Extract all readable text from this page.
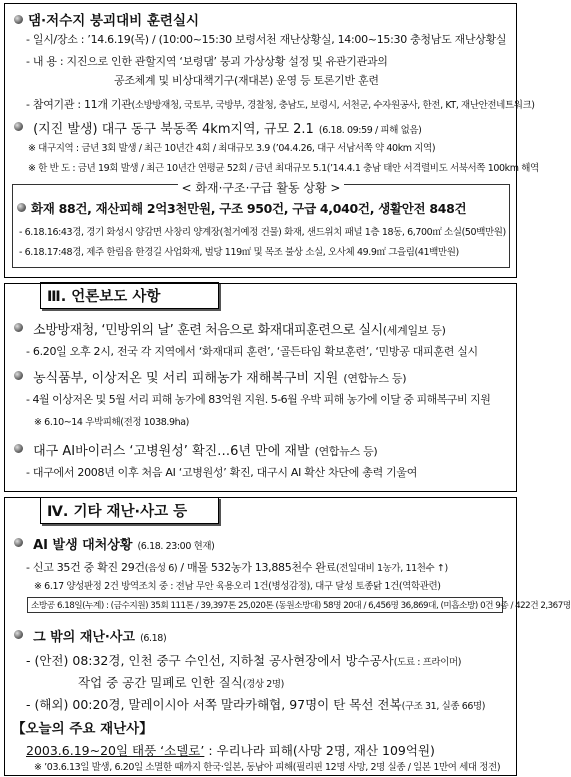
댐·저수지 붕괴대비 훈련실시
- 일시/장소 : ’14.6.19(목) / (10:00~15:30 보령서천 재난상황실, 14:00~15:30 충청남도 재난상황실
- 내 용 : 지진으로 인한 관할지역 ‘보령댐’ 붕괴 가상상황 설정 및 유관기관과의
공조체계 및 비상대책기구(재대본) 운영 등 토론기반 훈련
- 참여기관 : 11개 기관(소방방재청, 국토부, 국방부, 경찰청, 충남도, 보령시, 서천군, 수자원공사, 한전, KT, 재난안전네트워크)
(지진 발생) 대구 동구 북동쪽 4km지역, 규모 2.1 (6.18. 09:59 / 피해 없음)
※ 대구지역 : 금년 3회 발생 / 최근 10년간 4회 / 최대규모 3.9 (’04.4.26, 대구 서남서쪽 약 40km 지역)
※ 한 반 도 : 금년 19회 발생 / 최근 10년간 연평균 52회 / 금년 최대규모 5.1(’14.4.1 충남 태안 서격렬비도 서북서쪽 100km 해역
< 화재·구조·구급 활동 상황 >
화재 88건, 재산피해 2억3천만원, 구조 950건, 구급 4,040건, 생활안전 848건
- 6.18.16:43경, 경기 화성시 양감면 사창리 양계장(철거예정 건물) 화재, 샌드위치 패널 1층 18동, 6,700㎡ 소실(50백만원)
- 6.18.17:48경, 제주 한림읍 한경길 사업화재, 벌당 119㎡ 및 목조 불상 소실, 오사체 49.9㎡ 그을림(41백만원)
Ⅲ. 언론보도 사항
소방방재청, ‘민방위의 날’ 훈련 처음으로 화재대피훈련으로 실시(세계일보 등)
- 6.20일 오후 2시, 전국 각 지역에서 ‘화재대피 훈련’, ‘골든타임 확보훈련’, ‘민방공 대피훈련 실시
농식품부, 이상저온 및 서리 피해농가 재해복구비 지원 (연합뉴스 등)
- 4월 이상저온 및 5월 서리 피해 농가에 83억원 지원. 5-6월 우박 피해 농가에 이달 중 피해복구비 지원
※ 6.10~14 우박피해(전정 1038.9ha)
대구 AI바이러스 ‘고병원성’ 확진…6년 만에 재발 (연합뉴스 등)
- 대구에서 2008년 이후 처음 AI ‘고병원성’ 확진, 대구시 AI 확산 차단에 총력 기울여
Ⅳ. 기타 재난·사고 등
AI 발생 대처상황 (6.18. 23:00 현재)
- 신고 35건 중 확진 29건(음성 6) / 매몰 532농가 13,885천수 완료(전일대비 1농가, 11천수 ↑)
※ 6.17 양성판정 2건 방역조치 중 : 전남 무안 육용오리 1건(병성감정), 대구 달성 토종닭 1건(역학관련)
소방공 6.18일(누계) : (금수지원) 35회 111톤 / 39,397톤 25,020톤 (동원소방대) 58명 20대 / 6,456명 36,869대, (미흡소방) 0건 9종 / 422건 2,367명
그 밖의 재난·사고 (6.18)
- (안전) 08:32경, 인천 중구 수인선, 지하철 공사현장에서 방수공사(도료 : 프라이머)
작업 중 공간 밀폐로 인한 질식(경상 2명)
- (해외) 00:20경, 말레이시아 서쪽 말라카해협, 97명이 탄 목선 전복(구조 31, 실종 66명)
【오늘의 주요 재난사】
2003.6.19~20일 태풍 ‘소델로’ : 우리나라 피해(사망 2명, 재산 109억원)
※ ’03.6.13일 발생, 6.20일 소멸한 때까지 한국·일본, 동남아 피해(필리핀 12명 사망, 2명 실종 / 일본 1만여 세대 정전)
